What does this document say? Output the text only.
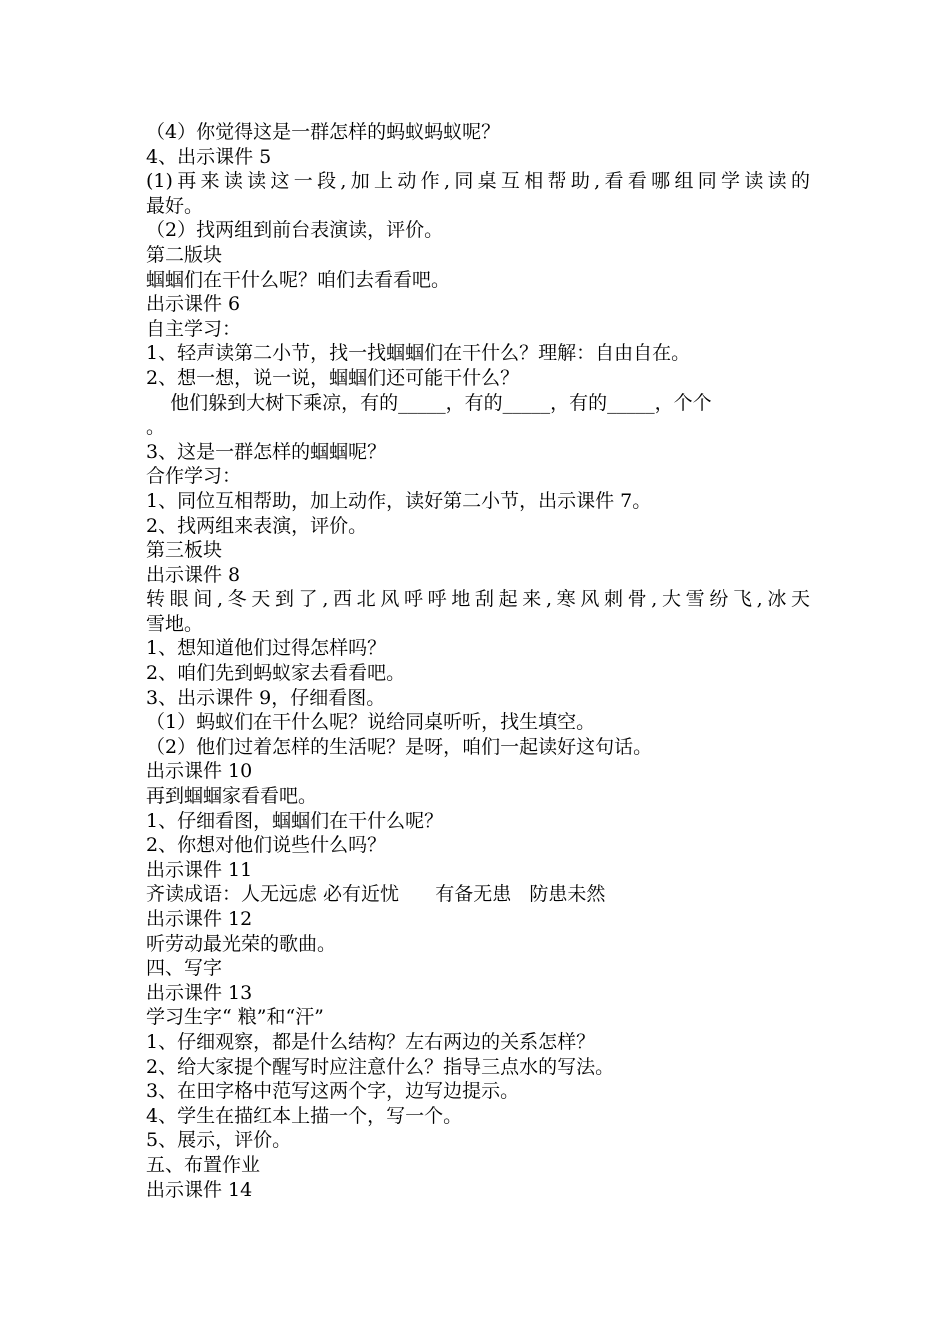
（4）你觉得这是一群怎样的蚂蚁蚂蚁呢？
4、出示课件 5
(1)再来读读这一段,加上动作,同桌互相帮助,看看哪组同学读读的
最好。
（2）找两组到前台表演读，评价。
第二版块
蝈蝈们在干什么呢？咱们去看看吧。
出示课件 6
自主学习：
1、轻声读第二小节，找一找蝈蝈们在干什么？理解：自由自在。
2、想一想，说一说，蝈蝈们还可能干什么？
他们躲到大树下乘凉，有的_____，有的_____，有的_____，个个
。
3、这是一群怎样的蝈蝈呢？
合作学习：
1、同位互相帮助，加上动作，读好第二小节，出示课件 7。
2、找两组来表演，评价。
第三板块
出示课件 8
转眼间,冬天到了,西北风呼呼地刮起来,寒风刺骨,大雪纷飞,冰天
雪地。
1、想知道他们过得怎样吗？
2、咱们先到蚂蚁家去看看吧。
3、出示课件 9，仔细看图。
（1）蚂蚁们在干什么呢？说给同桌听听，找生填空。
（2）他们过着怎样的生活呢？是呀，咱们一起读好这句话。
出示课件 10
再到蝈蝈家看看吧。
1、仔细看图，蝈蝈们在干什么呢？
2、你想对他们说些什么吗？
出示课件 11
齐读成语：人无远虑 必有近忧      有备无患   防患未然
出示课件 12
听劳动最光荣的歌曲。
四、写字
出示课件 13
学习生字“ 粮”和“汗”
1、仔细观察，都是什么结构？左右两边的关系怎样？
2、给大家提个醒写时应注意什么？指导三点水的写法。
3、在田字格中范写这两个字，边写边提示。
4、学生在描红本上描一个，写一个。
5、展示，评价。
五、布置作业
出示课件 14
